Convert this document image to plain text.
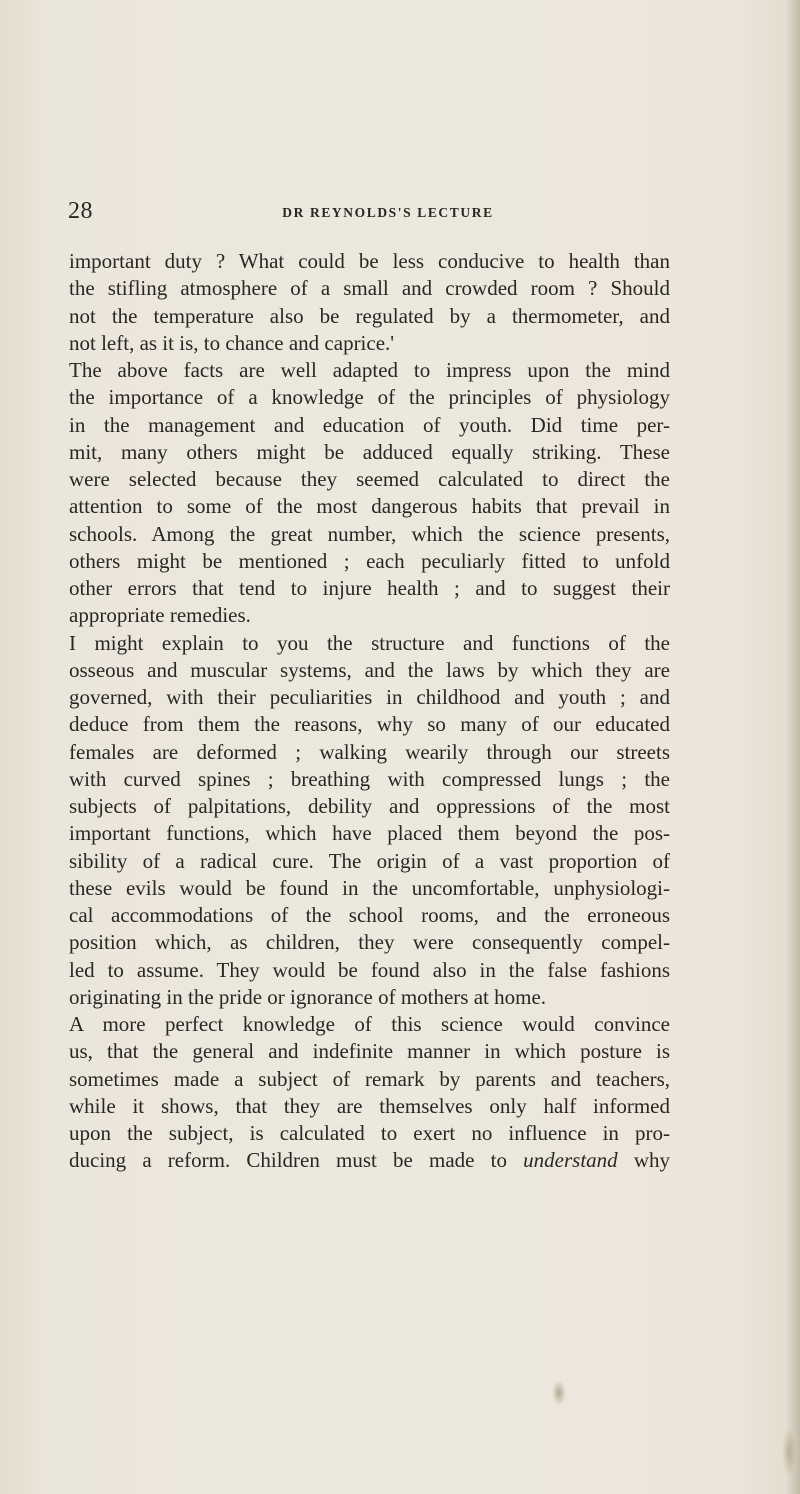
28	DR REYNOLDS'S LECTURE

important duty ? What could be less conducive to health than

the stifling atmosphere of a small and crowded room ? Should

not the temperature also be regulated by a thermometer, and

not left, as it is, to chance and caprice.'

The above facts are well adapted to impress upon the mind

the importance of a knowledge of the principles of physiology

in the management and education of youth. Did time per-

mit, many others might be adduced equally striking. These

were selected because they seemed calculated to direct the

attention to some of the most dangerous habits that prevail in

schools. Among the great number, which the science presents,

others might be mentioned ; each peculiarly fitted to unfold

other errors that tend to injure health ; and to suggest their

appropriate remedies.

I might explain to you the structure and functions of the

osseous and muscular systems, and the laws by which they are

governed, with their peculiarities in childhood and youth ; and

deduce from them the reasons, why so many of our educated

females are deformed ; walking wearily through our streets

with curved spines ; breathing with compressed lungs ; the

subjects of palpitations, debility and oppressions of the most

important functions, which have placed them beyond the pos-

sibility of a radical cure. The origin of a vast proportion of

these evils would be found in the uncomfortable, unphysiologi-

cal accommodations of the school rooms, and the erroneous

position which, as children, they were consequently compel-

led to assume. They would be found also in the false fashions

originating in the pride or ignorance of mothers at home.

A more perfect knowledge of this science would convince

us, that the general and indefinite manner in which posture is

sometimes made a subject of remark by parents and teachers,

while it shows, that they are themselves only half informed

upon the subject, is calculated to exert no influence in pro-

ducing a reform. Children must be made to understand why
